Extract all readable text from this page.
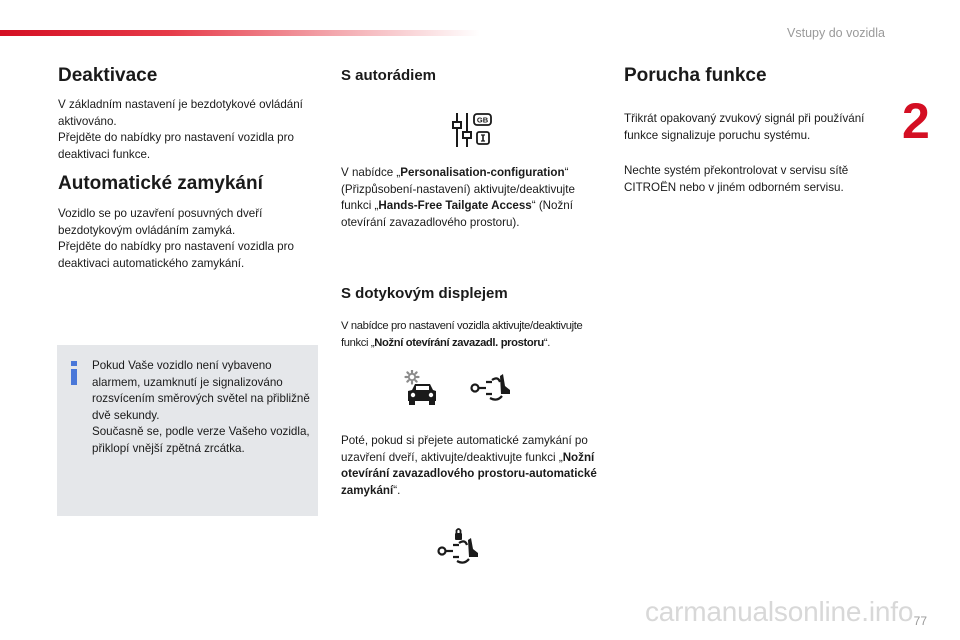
Vstupy do vozidla
2
Deaktivace

V základním nastavení je bezdotykové ovládání aktivováno.

Přejděte do nabídky pro nastavení vozidla pro deaktivaci funkce.

Automatické zamykání

Vozidlo se po uzavření posuvných dveří bezdotykovým ovládáním zamyká.

Přejděte do nabídky pro nastavení vozidla pro deaktivaci automatického zamykání.

Pokud Vaše vozidlo není vybaveno alarmem, uzamknutí je signalizováno rozsvícením směrových světel na přibližně dvě sekundy.

Současně se, podle verze Vašeho vozidla, přiklopí vnější zpětná zrcátka.

S autorádiem
GB

V nabídce „Personalisation-configuration“ (Přizpůsobení-nastavení) aktivujte/deaktivujte funkci „Hands-Free Tailgate Access“ (Nožní otevírání zavazadlového prostoru).

S dotykovým displejem

V nabídce pro nastavení vozidla aktivujte/deaktivujte funkci „Nožní otevírání zavazadl. prostoru“.

Poté, pokud si přejete automatické zamykání po uzavření dveří, aktivujte/deaktivujte funkci „Nožní otevírání zavazadlového prostoru-automatické zamykání“.

Porucha funkce

Třikrát opakovaný zvukový signál při používání funkce signalizuje poruchu systému.

Nechte systém překontrolovat v servisu sítě CITROËN nebo v jiném odborném servisu.

77
carmanualsonline.info
